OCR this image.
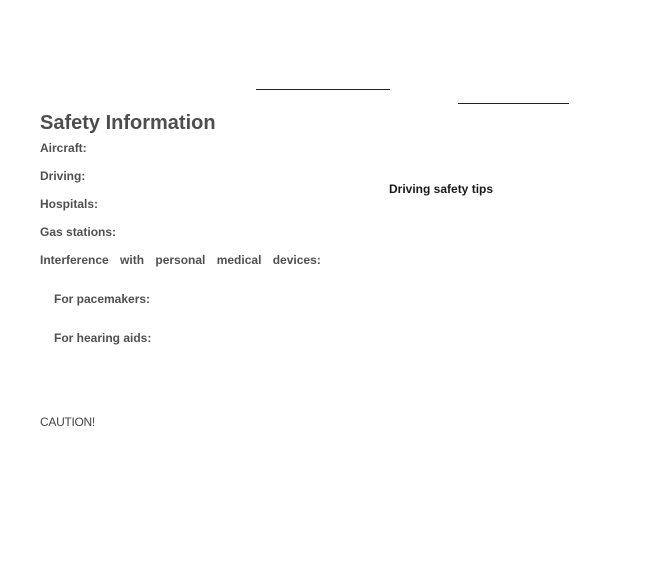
Safety Information
Aircraft:
Driving:
Hospitals:
Gas stations:
Interference with personal medical devices:
For pacemakers:
For hearing aids:
CAUTION!
Driving safety tips
